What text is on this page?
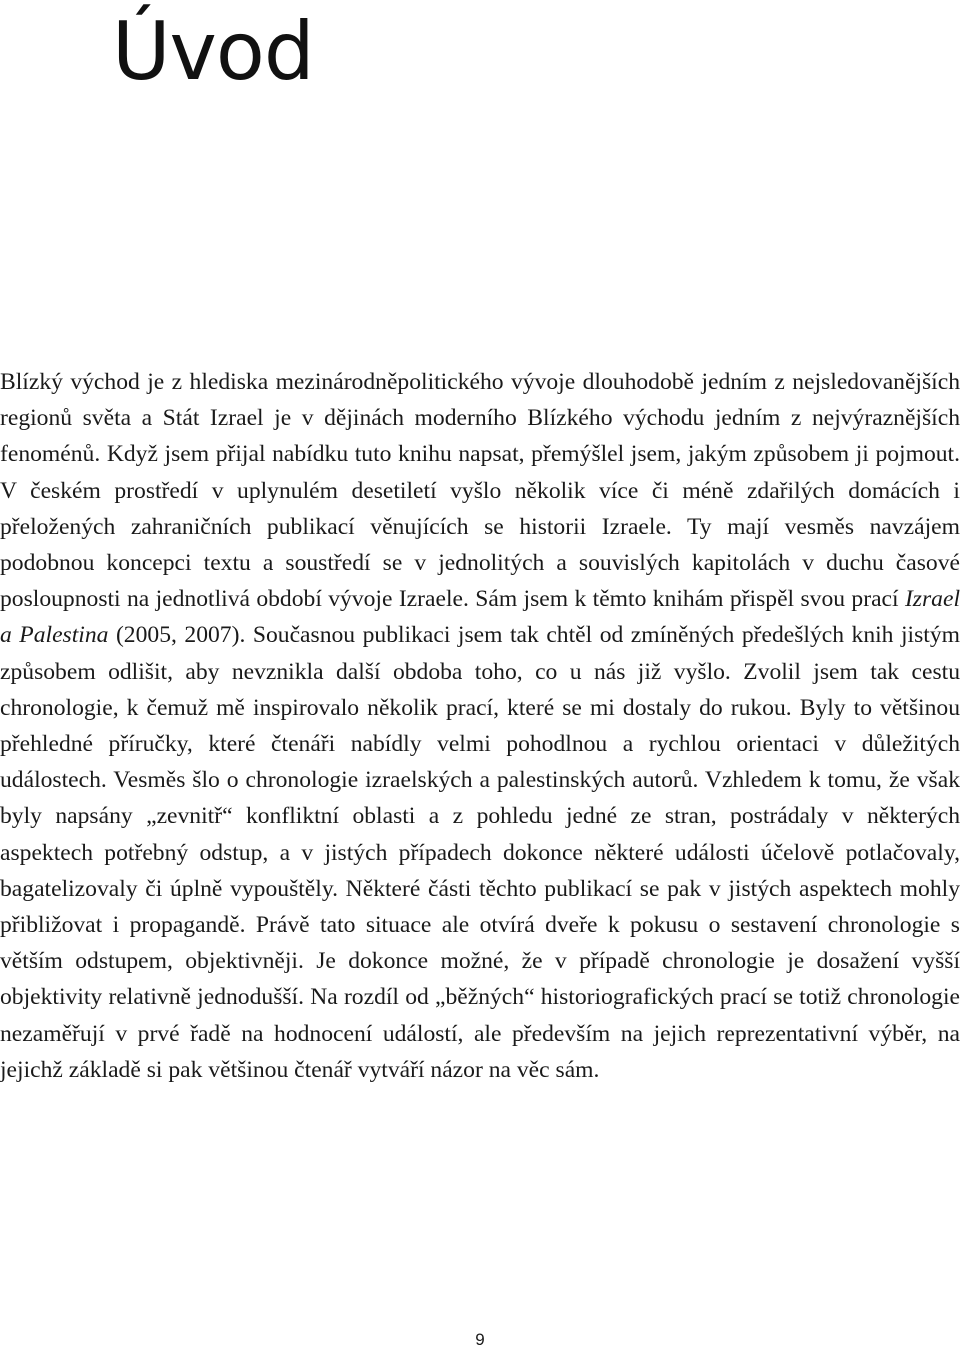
Úvod

Blízký východ je z hlediska mezinárodněpolitického vývoje dlouhodobě jedním z nejsledovanějších regionů světa a Stát Izrael je v dějinách moderního Blízkého východu jedním z nejvýraznějších fenoménů. Když jsem přijal nabídku tuto knihu napsat, přemýšlel jsem, jakým způsobem ji pojmout. V českém prostředí v uplynulém desetiletí vyšlo několik více či méně zdařilých domácích i přeložených zahraničních publikací věnujících se historii Izraele. Ty mají vesměs navzájem podobnou koncepci textu a soustředí se v jednolitých a souvislých kapitolách v duchu časové posloupnosti na jednotlivá období vývoje Izraele. Sám jsem k těmto knihám přispěl svou prací Izrael a Palestina (2005, 2007). Současnou publikaci jsem tak chtěl od zmíněných předešlých knih jistým způsobem odlišit, aby nevznikla další obdoba toho, co u nás již vyšlo. Zvolil jsem tak cestu chronologie, k čemuž mě inspirovalo několik prací, které se mi dostaly do rukou. Byly to většinou přehledné příručky, které čtenáři nabídly velmi pohodlnou a rychlou orientaci v důležitých událostech. Vesměs šlo o chronologie izraelských a palestinských autorů. Vzhledem k tomu, že však byly napsány „zevnitř“ konfliktní oblasti a z pohledu jedné ze stran, postrádaly v některých aspektech potřebný odstup, a v jistých případech dokonce některé události účelově potlačovaly, bagatelizovaly či úplně vypouštěly. Některé části těchto publikací se pak v jistých aspektech mohly přibližovat i propagandě. Právě tato situace ale otvírá dveře k pokusu o sestavení chronologie s větším odstupem, objektivněji. Je dokonce možné, že v případě chronologie je dosažení vyšší objektivity relativně jednodušší. Na rozdíl od „běžných“ historiografických prací se totiž chronologie nezaměřují v prvé řadě na hodnocení událostí, ale především na jejich reprezentativní výběr, na jejichž základě si pak většinou čtenář vytváří názor na věc sám.

9
